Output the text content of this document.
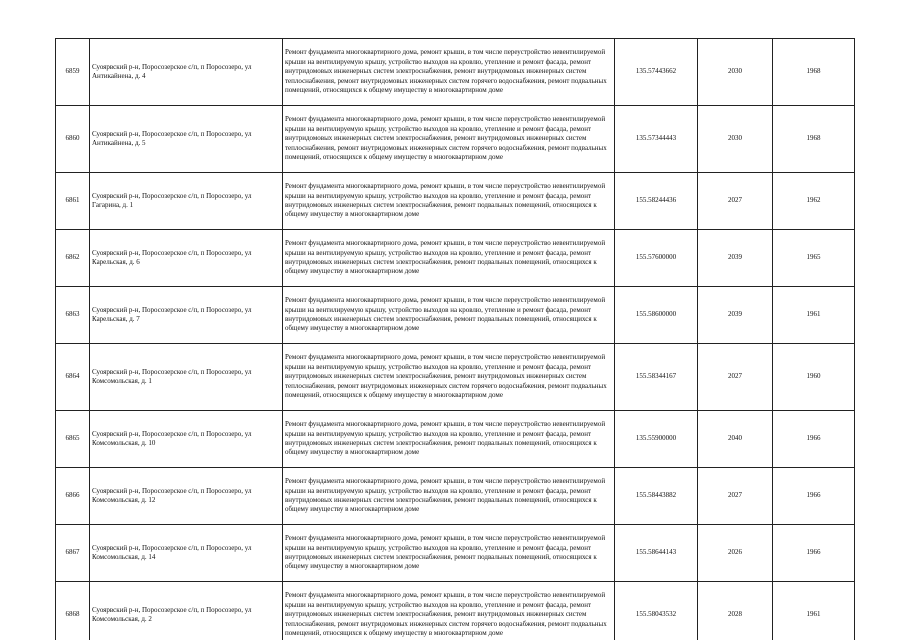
6859	Суоярвский р-н, Поросозерское с/п, п Поросозеро, ул Антикайнена, д. 4	Ремонт фундамента многоквартирного дома, ремонт крыши, в том числе переустройство невентилируемой крыши на вентилируемую крышу, устройство выходов на кровлю, утепление и ремонт фасада, ремонт внутридомовых инженерных систем электроснабжения, ремонт внутридомовых инженерных систем теплоснабжения, ремонт внутридомовых инженерных систем горячего водоснабжения, ремонт подвальных помещений, относящихся к общему имуществу в многоквартирном доме	135.57443662	2030	1968
6860	Суоярвский р-н, Поросозерское с/п, п Поросозеро, ул Антикайнена, д. 5	Ремонт фундамента многоквартирного дома, ремонт крыши, в том числе переустройство невентилируемой крыши на вентилируемую крышу, устройство выходов на кровлю, утепление и ремонт фасада, ремонт внутридомовых инженерных систем электроснабжения, ремонт внутридомовых инженерных систем теплоснабжения, ремонт внутридомовых инженерных систем горячего водоснабжения, ремонт подвальных помещений, относящихся к общему имуществу в многоквартирном доме	135.57344443	2030	1968
6861	Суоярвский р-н, Поросозерское с/п, п Поросозеро, ул Гагарина, д. 1	Ремонт фундамента многоквартирного дома, ремонт крыши, в том числе переустройство невентилируемой крыши на вентилируемую крышу, устройство выходов на кровлю, утепление и ремонт фасада, ремонт внутридомовых инженерных систем электроснабжения, ремонт подвальных помещений, относящихся к общему имуществу в многоквартирном доме	155.58244436	2027	1962
6862	Суоярвский р-н, Поросозерское с/п, п Поросозеро, ул Карельская, д. 6	Ремонт фундамента многоквартирного дома, ремонт крыши, в том числе переустройство невентилируемой крыши на вентилируемую крышу, устройство выходов на кровлю, утепление и ремонт фасада, ремонт внутридомовых инженерных систем электроснабжения, ремонт подвальных помещений, относящихся к общему имуществу в многоквартирном доме	155.57600000	2039	1965
6863	Суоярвский р-н, Поросозерское с/п, п Поросозеро, ул Карельская, д. 7	Ремонт фундамента многоквартирного дома, ремонт крыши, в том числе переустройство невентилируемой крыши на вентилируемую крышу, устройство выходов на кровлю, утепление и ремонт фасада, ремонт внутридомовых инженерных систем электроснабжения, ремонт подвальных помещений, относящихся к общему имуществу в многоквартирном доме	155.58600000	2039	1961
6864	Суоярвский р-н, Поросозерское с/п, п Поросозеро, ул Комсомольская, д. 1	Ремонт фундамента многоквартирного дома, ремонт крыши, в том числе переустройство невентилируемой крыши на вентилируемую крышу, устройство выходов на кровлю, утепление и ремонт фасада, ремонт внутридомовых инженерных систем электроснабжения, ремонт внутридомовых инженерных систем теплоснабжения, ремонт внутридомовых инженерных систем горячего водоснабжения, ремонт подвальных помещений, относящихся к общему имуществу в многоквартирном доме	155.58344167	2027	1960
6865	Суоярвский р-н, Поросозерское с/п, п Поросозеро, ул Комсомольская, д. 10	Ремонт фундамента многоквартирного дома, ремонт крыши, в том числе переустройство невентилируемой крыши на вентилируемую крышу, устройство выходов на кровлю, утепление и ремонт фасада, ремонт внутридомовых инженерных систем электроснабжения, ремонт подвальных помещений, относящихся к общему имуществу в многоквартирном доме	135.55900000	2040	1966
6866	Суоярвский р-н, Поросозерское с/п, п Поросозеро, ул Комсомольская, д. 12	Ремонт фундамента многоквартирного дома, ремонт крыши, в том числе переустройство невентилируемой крыши на вентилируемую крышу, устройство выходов на кровлю, утепление и ремонт фасада, ремонт внутридомовых инженерных систем электроснабжения, ремонт подвальных помещений, относящихся к общему имуществу в многоквартирном доме	155.58443882	2027	1966
6867	Суоярвский р-н, Поросозерское с/п, п Поросозеро, ул Комсомольская, д. 14	Ремонт фундамента многоквартирного дома, ремонт крыши, в том числе переустройство невентилируемой крыши на вентилируемую крышу, устройство выходов на кровлю, утепление и ремонт фасада, ремонт внутридомовых инженерных систем электроснабжения, ремонт подвальных помещений, относящихся к общему имуществу в многоквартирном доме	155.58644143	2026	1966
6868	Суоярвский р-н, Поросозерское с/п, п Поросозеро, ул Комсомольская, д. 2	Ремонт фундамента многоквартирного дома, ремонт крыши, в том числе переустройство невентилируемой крыши на вентилируемую крышу, устройство выходов на кровлю, утепление и ремонт фасада, ремонт внутридомовых инженерных систем электроснабжения, ремонт внутридомовых инженерных систем теплоснабжения, ремонт внутридомовых инженерных систем горячего водоснабжения, ремонт подвальных помещений, относящихся к общему имуществу в многоквартирном доме	155.58043532	2028	1961
